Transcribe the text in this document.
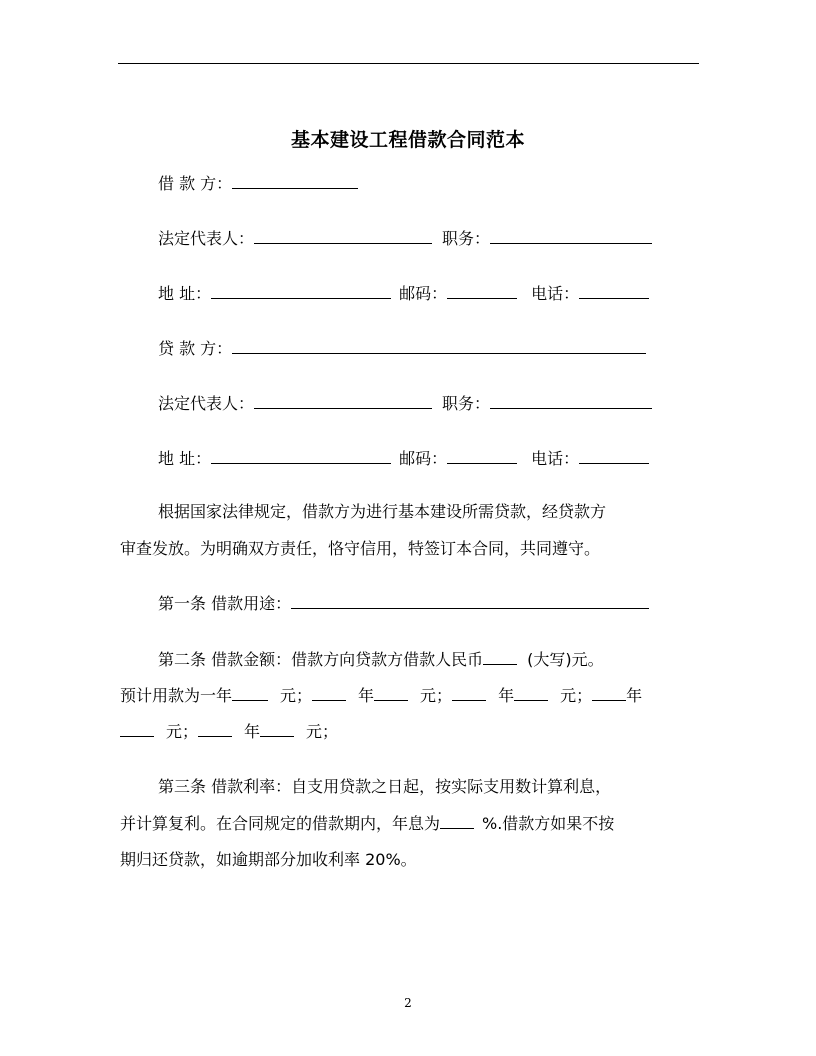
基本建设工程借款合同范本
借 款 方：
法定代表人：	职务：
地 址：	邮码：	电话：
贷 款 方：
法定代表人：	职务：
地 址：	邮码：	电话：
根据国家法律规定，借款方为进行基本建设所需贷款，经贷款方
审查发放。为明确双方责任，恪守信用，特签订本合同，共同遵守。
第一条 借款用途：
第二条 借款金额：借款方向贷款方借款人民币	(大写)元。
预计用款为一年	元；	年	元；	年	元； 年
元；	年	元；
第三条 借款利率：自支用贷款之日起，按实际支用数计算利息，
并计算复利。在合同规定的借款期内，年息为	%.借款方如果不按
期归还贷款，如逾期部分加收利率 20%。
2
